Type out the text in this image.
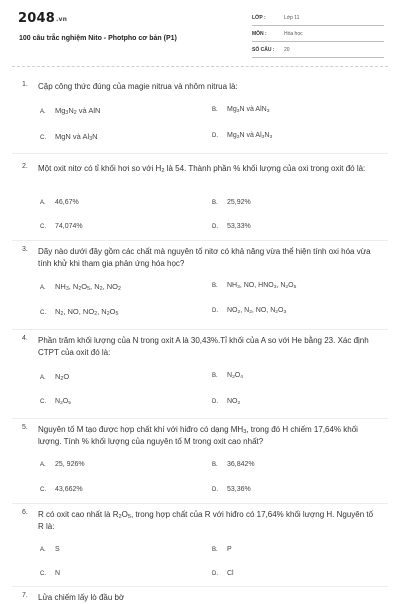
2048.vn
100 câu trắc nghiệm Nito - Photpho cơ bản (P1)
LỚP :	Lớp 11
MÔN :	Hóa học
SỐ CÂU : 20
1. Cặp công thức đúng của magie nitrua và nhôm nitrua là:
A. $Mg_3N_2$ và AlN	B. $Mg_3N$ và AlN$_3$
C. MgN và $Al_3N$	D. $Mg_3N$ và $Al_3N_3$
2. Một oxit nitơ có tỉ khối hơi so với $H_2$ là 54. Thành phần % khối lượng của oxi trong oxit đó là:
A. 46,67%	B. 25,92%
C. 74,074%	D. 53,33%
3. Dãy nào dưới đây gồm các chất mà nguyên tố nitơ có khả năng vừa thể hiện tính oxi hóa vừa tính khử khi tham gia phản ứng hóa học?
A. $NH_3$, $N_2O_5$, $N_2$, $NO_2$
B. $NH_3$, NO, $HNO_3$, $N_2O_5$
C. $N_2$, NO, $NO_2$, $N_2O_5$
D. $NO_2$, $N_2$, NO, $N_2O_3$
4. Phần trăm khối lượng của N trong oxit A là 30,43%.Tỉ khối của A so với He bằng 23. Xác định CTPT của oxit đó là:
A. $N_2O$	B. $N_2O_4$
C. $N_2O_5$	D. $NO_2$
5. Nguyên tố M tạo được hợp chất khí với hiđro có dạng $MH_3$, trong đó H chiếm 17,64% khối lượng. Tính % khối lượng của nguyên tố M trong oxit cao nhất?
A. 25, 926%	B. 36,842%
C. 43,662%	D. 53,36%
6. R có oxit cao nhất là $R_2O_5$, trong hợp chất của R với hiđro có 17,64% khối lượng H. Nguyên tố R là:
A. S	B. P
C. N	D. Cl
7. Lửa chiếm lấy lò đầu bờ
